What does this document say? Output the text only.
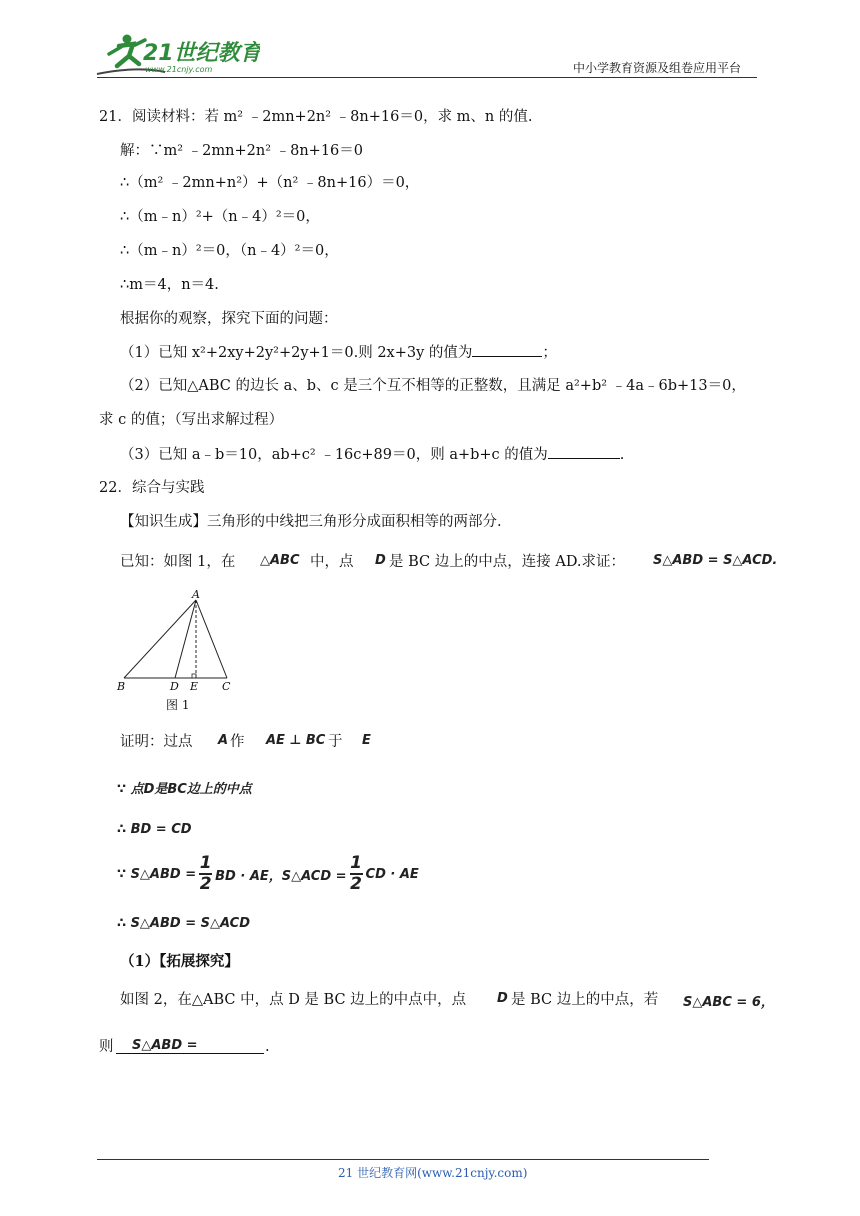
21世纪教育
www.21cnjy.com	中小学教育资源及组卷应用平台
21．阅读材料：若 m² ﹣2mn+2n² ﹣8n+16＝0，求 m、n 的值.
解：∵m² ﹣2mn+2n² ﹣8n+16＝0
∴（m² ﹣2mn+n²）+（n² ﹣8n+16）＝0，
∴（m﹣n）²+（n﹣4）²＝0，
∴（m﹣n）²＝0，（n﹣4）²＝0，
∴m＝4，n＝4.
根据你的观察，探究下面的问题：
（1）已知 x²+2xy+2y²+2y+1＝0.则 2x+3y 的值为	；
（2）已知△ABC 的边长 a、b、c 是三个互不相等的正整数，且满足 a²+b² ﹣4a﹣6b+13＝0，
求 c 的值；（写出求解过程）
（3）已知 a﹣b＝10，ab+c² ﹣16c+89＝0，则 a+b+c 的值为	.
22．综合与实践
【知识生成】三角形的中线把三角形分成面积相等的两部分.
已知：如图 1，在 △ABC 中，点 D 是 BC 边上的中点，连接 AD.求证： S△ABD = S△ACD.
A
B	D E C
图 1
证明：过点 A 作 AE ⊥ BC 于 E
∵ 点D是BC边上的中点
∴ BD = CD
∵ S△ABD = $\frac{1}{2}$ BD · AE，S△ACD = $\frac{1}{2}$ CD · AE
∴ S△ABD = S△ACD
（1）【拓展探究】
如图 2，在△ABC 中，点 D 是 BC 边上的中点中，点 D 是 BC 边上的中点，若 S△ABC = 6，
则	S△ABD =	.
21 世纪教育网(www.21cnjy.com)
